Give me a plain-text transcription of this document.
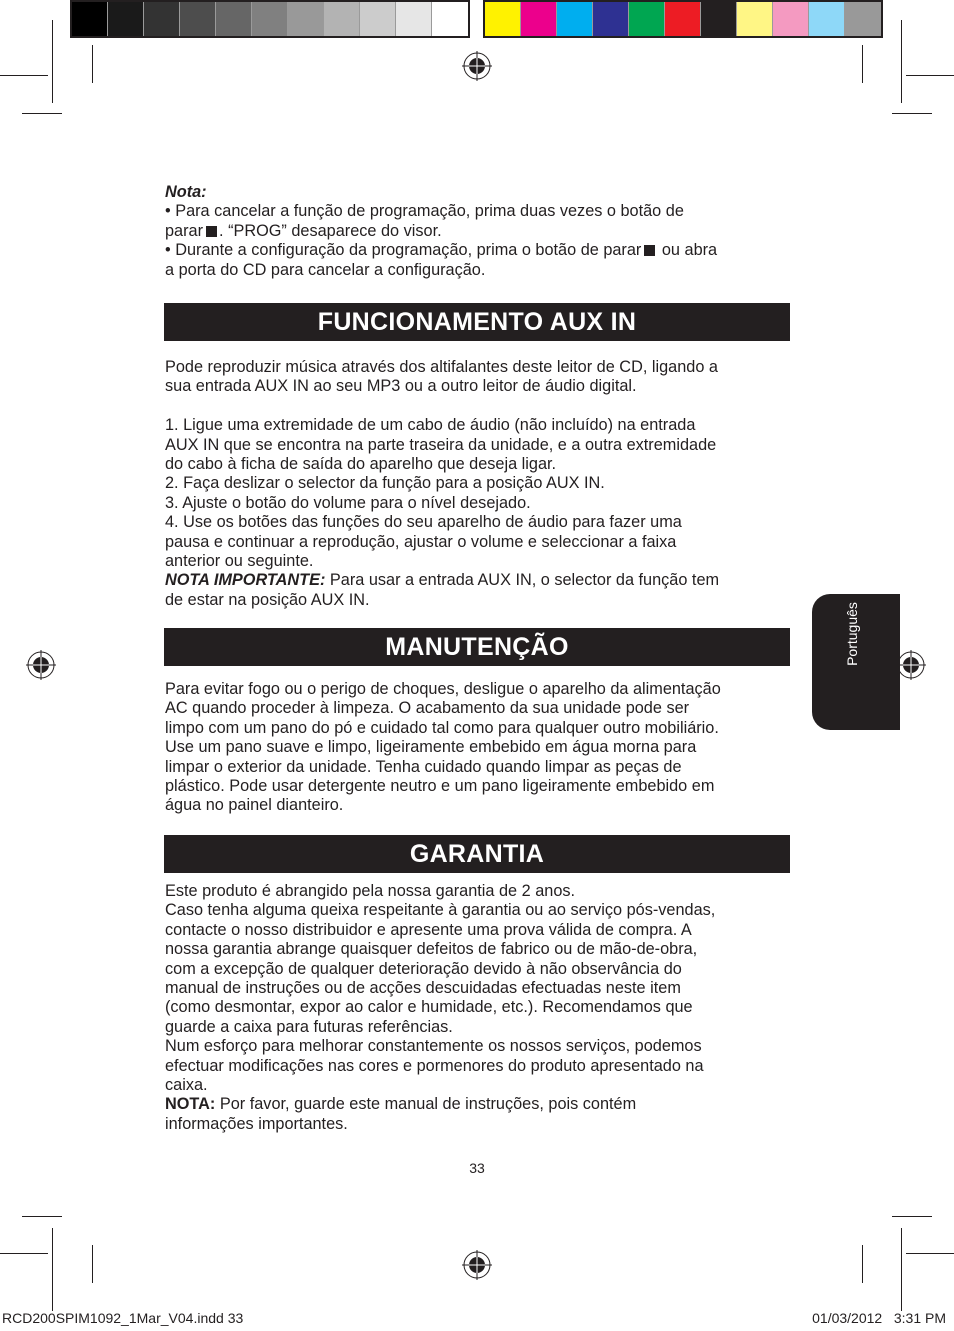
Nota:
• Para cancelar a função de programação, prima duas vezes o botão de
parar . “PROG” desaparece do visor.
• Durante a configuração da programação, prima o botão de parar ou abra
a porta do CD para cancelar a configuração.
FUNCIONAMENTO AUX IN
Pode reproduzir música através dos altifalantes deste leitor de CD, ligando a
sua entrada AUX IN ao seu MP3 ou a outro leitor de áudio digital.
1. Ligue uma extremidade de um cabo de áudio (não incluído) na entrada
AUX IN que se encontra na parte traseira da unidade, e a outra extremidade
do cabo à ficha de saída do aparelho que deseja ligar.
2. Faça deslizar o selector da função para a posição AUX IN.
3. Ajuste o botão do volume para o nível desejado.
4. Use os botões das funções do seu aparelho de áudio para fazer uma
pausa e continuar a reprodução, ajustar o volume e seleccionar a faixa
anterior ou seguinte.
NOTA IMPORTANTE: Para usar a entrada AUX IN, o selector da função tem
de estar na posição AUX IN.
MANUTENÇÃO
Para evitar fogo ou o perigo de choques, desligue o aparelho da alimentação
AC quando proceder à limpeza. O acabamento da sua unidade pode ser
limpo com um pano do pó e cuidado tal como para qualquer outro mobiliário.
Use um pano suave e limpo, ligeiramente embebido em água morna para
limpar o exterior da unidade. Tenha cuidado quando limpar as peças de
plástico. Pode usar detergente neutro e um pano ligeiramente embebido em
água no painel dianteiro.
GARANTIA
Este produto é abrangido pela nossa garantia de 2 anos.
Caso tenha alguma queixa respeitante à garantia ou ao serviço pós-vendas,
contacte o nosso distribuidor e apresente uma prova válida de compra. A
nossa garantia abrange quaisquer defeitos de fabrico ou de mão-de-obra,
com a excepção de qualquer deterioração devido à não observância do
manual de instruções ou de acções descuidadas efectuadas neste item
(como desmontar, expor ao calor e humidade, etc.). Recomendamos que
guarde a caixa para futuras referências.
Num esforço para melhorar constantemente os nossos serviços, podemos
efectuar modificações nas cores e pormenores do produto apresentado na
caixa.
NOTA: Por favor, guarde este manual de instruções, pois contém
informações importantes.
Português
33
RCD200SPIM1092_1Mar_V04.indd 33	01/03/2012   3:31 PM
